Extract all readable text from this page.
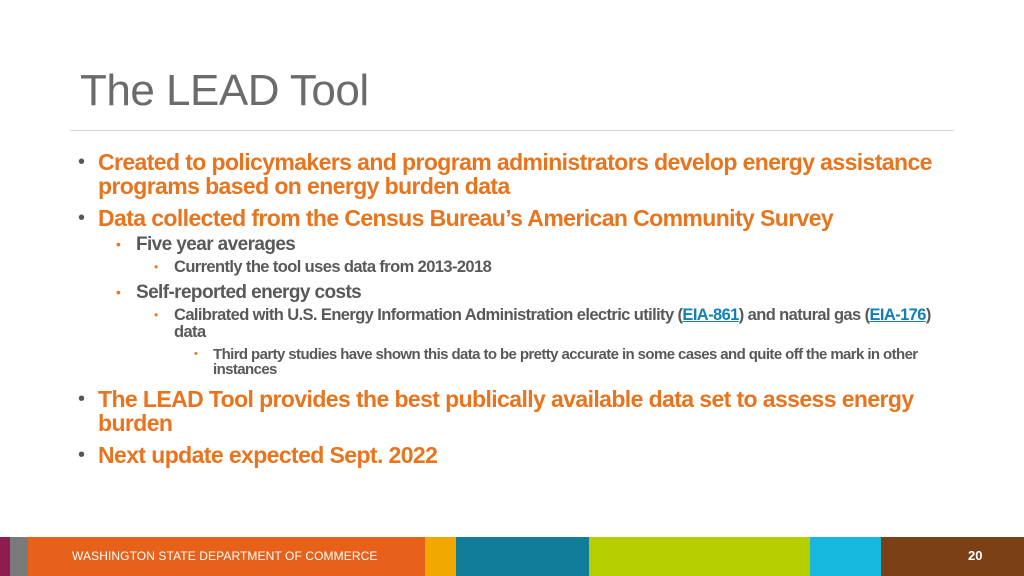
The LEAD Tool
• Created to policymakers and program administrators develop energy assistance programs based on energy burden data
• Data collected from the Census Bureau’s American Community Survey
• Five year averages
• Currently the tool uses data from 2013-2018
• Self-reported energy costs
• Calibrated with U.S. Energy Information Administration electric utility (EIA-861) and natural gas (EIA-176) data
• Third party studies have shown this data to be pretty accurate in some cases and quite off the mark in other instances
• The LEAD Tool provides the best publically available data set to assess energy burden
• Next update expected Sept. 2022
WASHINGTON STATE DEPARTMENT OF COMMERCE	20
